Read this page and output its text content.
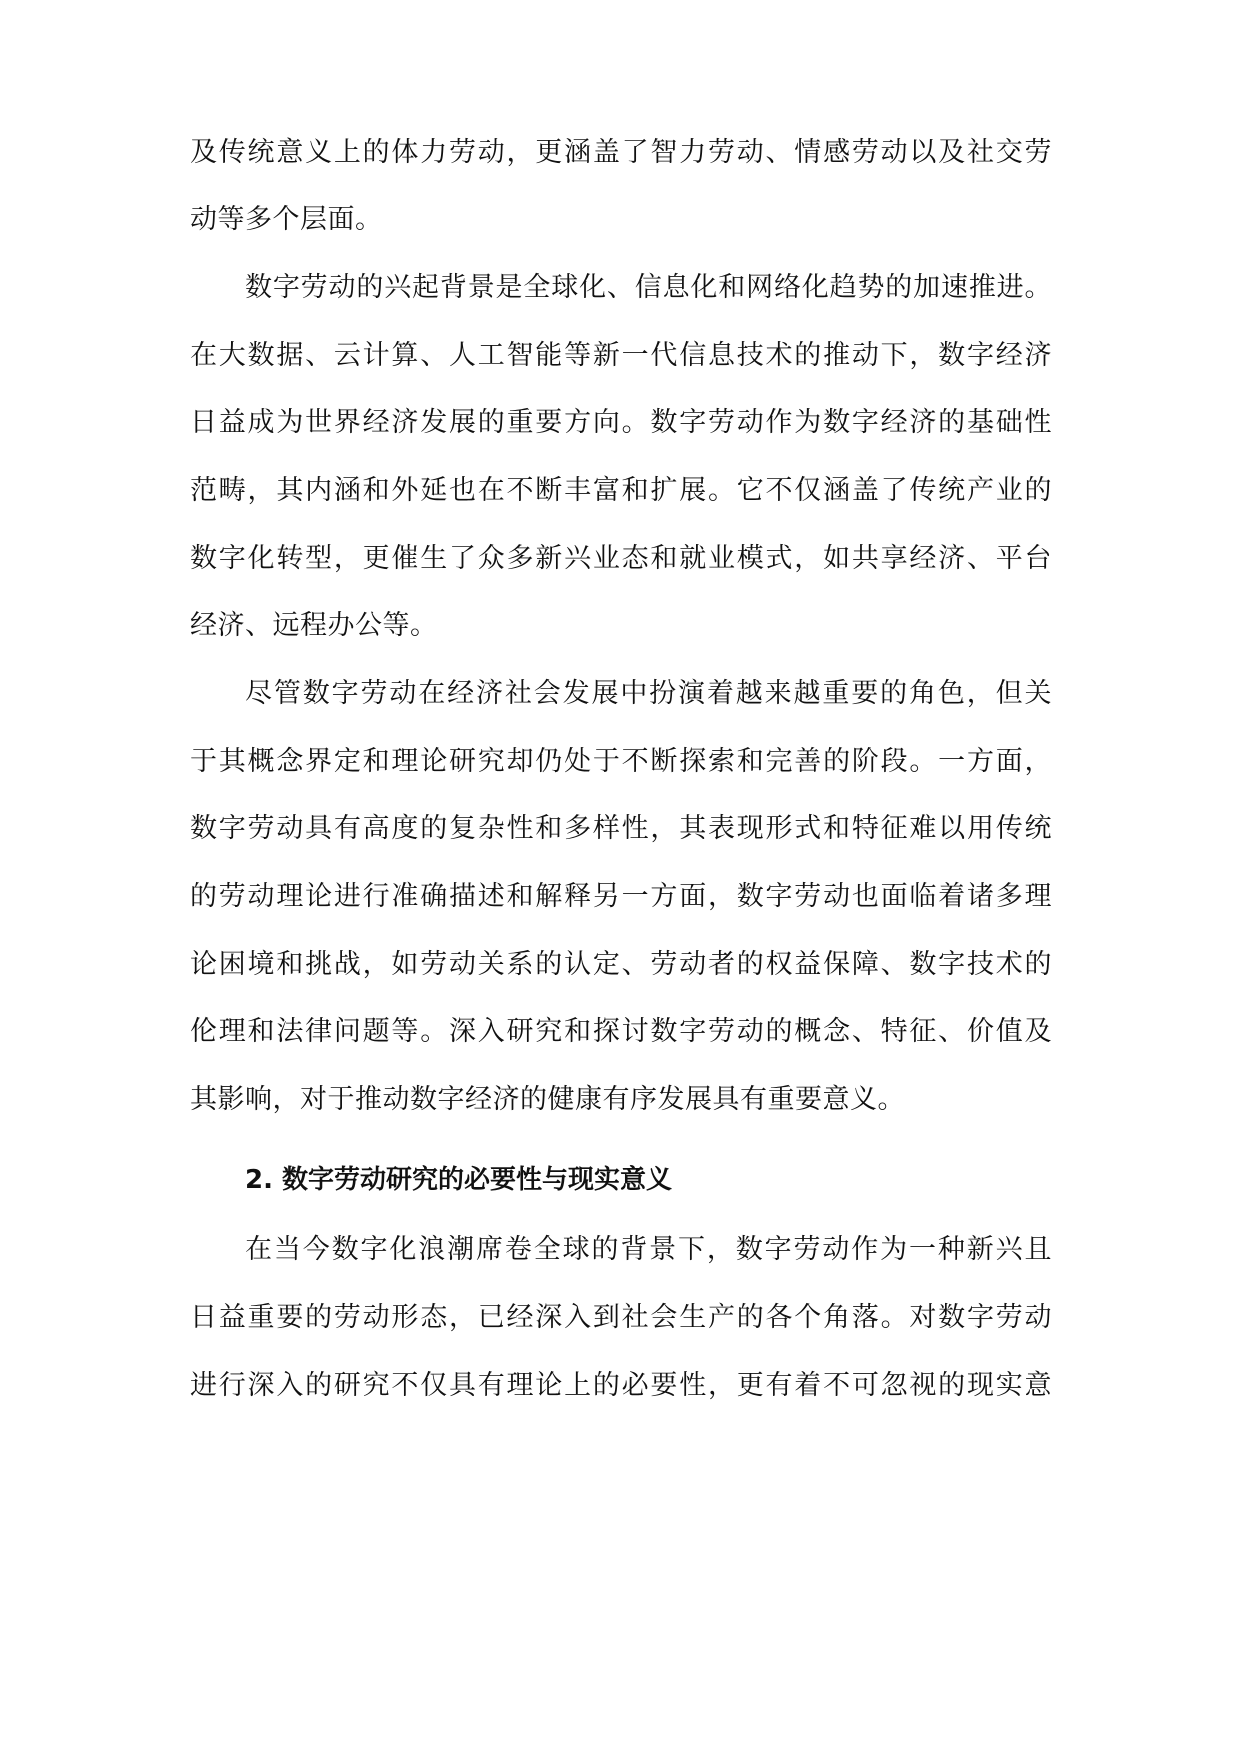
及传统意义上的体力劳动，更涵盖了智力劳动、情感劳动以及社交劳
动等多个层面。
数字劳动的兴起背景是全球化、信息化和网络化趋势的加速推进。
在大数据、云计算、人工智能等新一代信息技术的推动下，数字经济
日益成为世界经济发展的重要方向。数字劳动作为数字经济的基础性
范畴，其内涵和外延也在不断丰富和扩展。它不仅涵盖了传统产业的
数字化转型，更催生了众多新兴业态和就业模式，如共享经济、平台
经济、远程办公等。
尽管数字劳动在经济社会发展中扮演着越来越重要的角色，但关
于其概念界定和理论研究却仍处于不断探索和完善的阶段。一方面，
数字劳动具有高度的复杂性和多样性，其表现形式和特征难以用传统
的劳动理论进行准确描述和解释另一方面，数字劳动也面临着诸多理
论困境和挑战，如劳动关系的认定、劳动者的权益保障、数字技术的
伦理和法律问题等。深入研究和探讨数字劳动的概念、特征、价值及
其影响，对于推动数字经济的健康有序发展具有重要意义。
2. 数字劳动研究的必要性与现实意义
在当今数字化浪潮席卷全球的背景下，数字劳动作为一种新兴且
日益重要的劳动形态，已经深入到社会生产的各个角落。对数字劳动
进行深入的研究不仅具有理论上的必要性，更有着不可忽视的现实意
